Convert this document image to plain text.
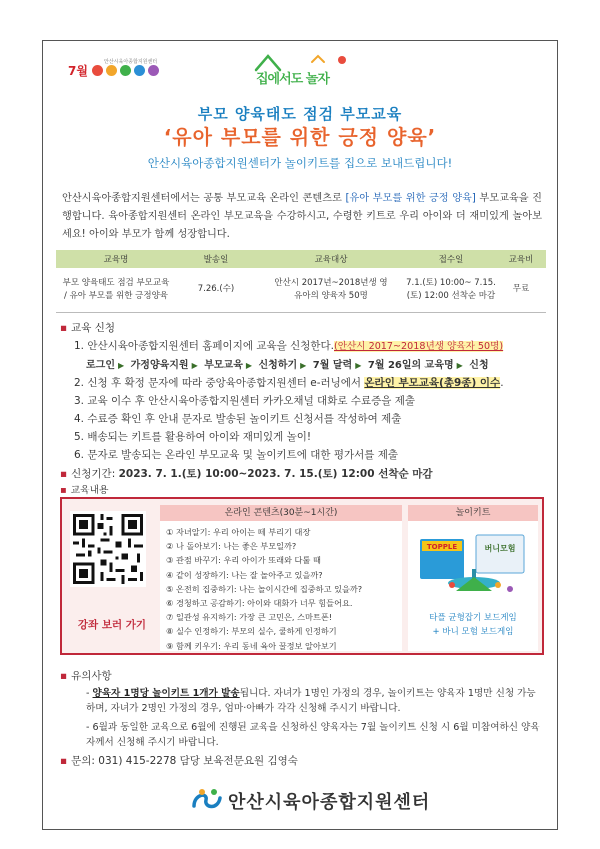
7월
안산시육아종합지원센터
집에서도 놀자
부모 양육태도 점검 부모교육
‘유아 부모를 위한 긍정 양육’
안산시육아종합지원센터가 놀이키트를 집으로 보내드립니다!
안산시육아종합지원센터에서는 공통 부모교육 온라인 콘텐츠로 [유아 부모를 위한 긍정 양육] 부모교육을 진행합니다. 육아종합지원센터 온라인 부모교육을 수강하시고, 수령한 키트로 우리 아이와 더 재미있게 놀아보세요! 아이와 부모가 함께 성장합니다.
교육명	발송일	교육대상	접수일	교육비
부모 양육태도 점검 부모교육 / 유아 부모를 위한 긍정양육	7.26.(수)	안산시 2017년~2018년생 영유아의 양육자 50명	7.1.(토) 10:00~ 7.15.(토) 12:00 선착순 마감	무료
▪ 교육 신청
1. 안산시육아종합지원센터 홈페이지에 교육을 신청한다.(안산시 2017~2018년생 양육자 50명)
로그인 ▶ 가정양육지원 ▶ 부모교육 ▶ 신청하기 ▶ 7월 달력 ▶ 7월 26일의 교육명 ▶ 신청
2. 신청 후 확정 문자에 따라 중앙육아종합지원센터 e-러닝에서 온라인 부모교육(총9종) 이수.
3. 교육 이수 후 안산시육아종합지원센터 카카오채널 대화로 수료증을 제출
4. 수료증 확인 후 안내 문자로 발송된 놀이키트 신청서를 작성하여 제출
5. 배송되는 키트를 활용하여 아이와 재미있게 놀이!
6. 문자로 발송되는 온라인 부모교육 및 놀이키트에 대한 평가서를 제출
▪ 신청기간: 2023. 7. 1.(토) 10:00~2023. 7. 15.(토) 12:00 선착순 마감
▪ 교육내용
강좌 보러 가기
온라인 콘텐츠(30분~1시간)
① 자녀알기: 우리 아이는 떼 부리기 대장
② 나 돌아보기: 나는 좋은 부모일까?
③ 관점 바꾸기: 우리 아이가 또래와 다툴 때
④ 같이 성장하기: 나는 잘 놀아주고 있을까?
⑤ 온전히 집중하기: 나는 놀이시간에 집중하고 있을까?
⑥ 경청하고 공감하기: 아이와 대화가 너무 힘들어요.
⑦ 일관성 유지하기: 가장 큰 고민은, 스마트폰!
⑧ 실수 인정하기: 부모의 실수, 쿨하게 인정하기
⑨ 함께 키우기: 우리 동네 육아 꿀정보 알아보기
놀이키트
TOPPLE	버니모험
타플 균형잡기 보드게임
+ 바니 모험 보드게임
▪ 유의사항
- 양육자 1명당 놀이키트 1개가 발송됩니다. 자녀가 1명인 가정의 경우, 놀이키트는 양육자 1명만 신청 가능하며, 자녀가 2명인 가정의 경우, 엄마·아빠가 각각 신청해 주시기 바랍니다.
- 6월과 동일한 교육으로 6월에 진행된 교육을 신청하신 양육자는 7월 놀이키트 신청 시 6월 미참여하신 양육자께서 신청해 주시기 바랍니다.
▪ 문의: 031) 415-2278 담당 보육전문요원 김영숙
안산시육아종합지원센터
